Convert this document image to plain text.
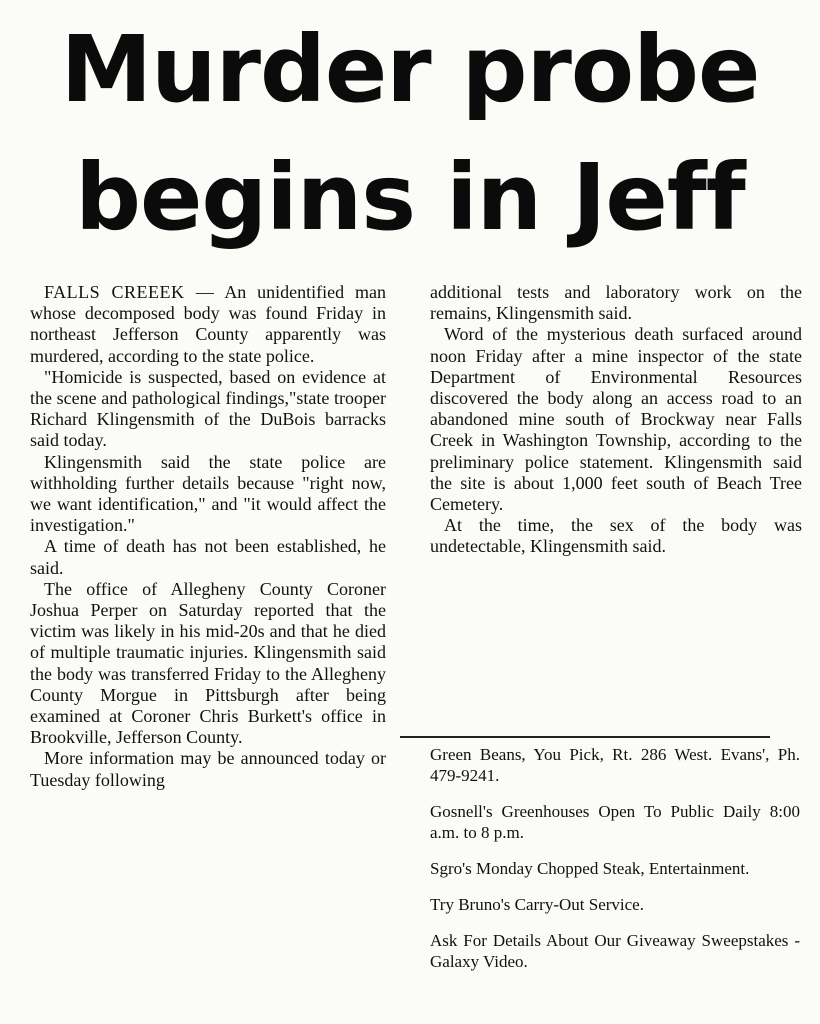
Murder probe
begins in Jeff

FALLS CREEEK — An unidentified man whose decomposed body was found Friday in northeast Jefferson County apparently was murdered, according to the state police.

"Homicide is suspected, based on evidence at the scene and pathological findings,"state trooper Richard Klingensmith of the DuBois barracks said today.

Klingensmith said the state police are withholding further details because "right now, we want identification," and "it would affect the investigation."

A time of death has not been established, he said.

The office of Allegheny County Coroner Joshua Perper on Saturday reported that the victim was likely in his mid-20s and that he died of multiple traumatic injuries. Klingensmith said the body was transferred Friday to the Allegheny County Morgue in Pittsburgh after being examined at Coroner Chris Burkett's office in Brookville, Jefferson County.

More information may be announced today or Tuesday following

additional tests and laboratory work on the remains, Klingensmith said.

Word of the mysterious death surfaced around noon Friday after a mine inspector of the state Department of Environmental Resources discovered the body along an access road to an abandoned mine south of Brockway near Falls Creek in Washington Township, according to the preliminary police statement. Klingensmith said the site is about 1,000 feet south of Beach Tree Cemetery.

At the time, the sex of the body was undetectable, Klingensmith said.

Green Beans, You Pick, Rt. 286 West. Evans', Ph. 479-9241.

Gosnell's Greenhouses Open To Public Daily 8:00 a.m. to 8 p.m.

Sgro's Monday Chopped Steak, Entertainment.

Try Bruno's Carry-Out Service.

Ask For Details About Our Giveaway Sweepstakes - Galaxy Video.
